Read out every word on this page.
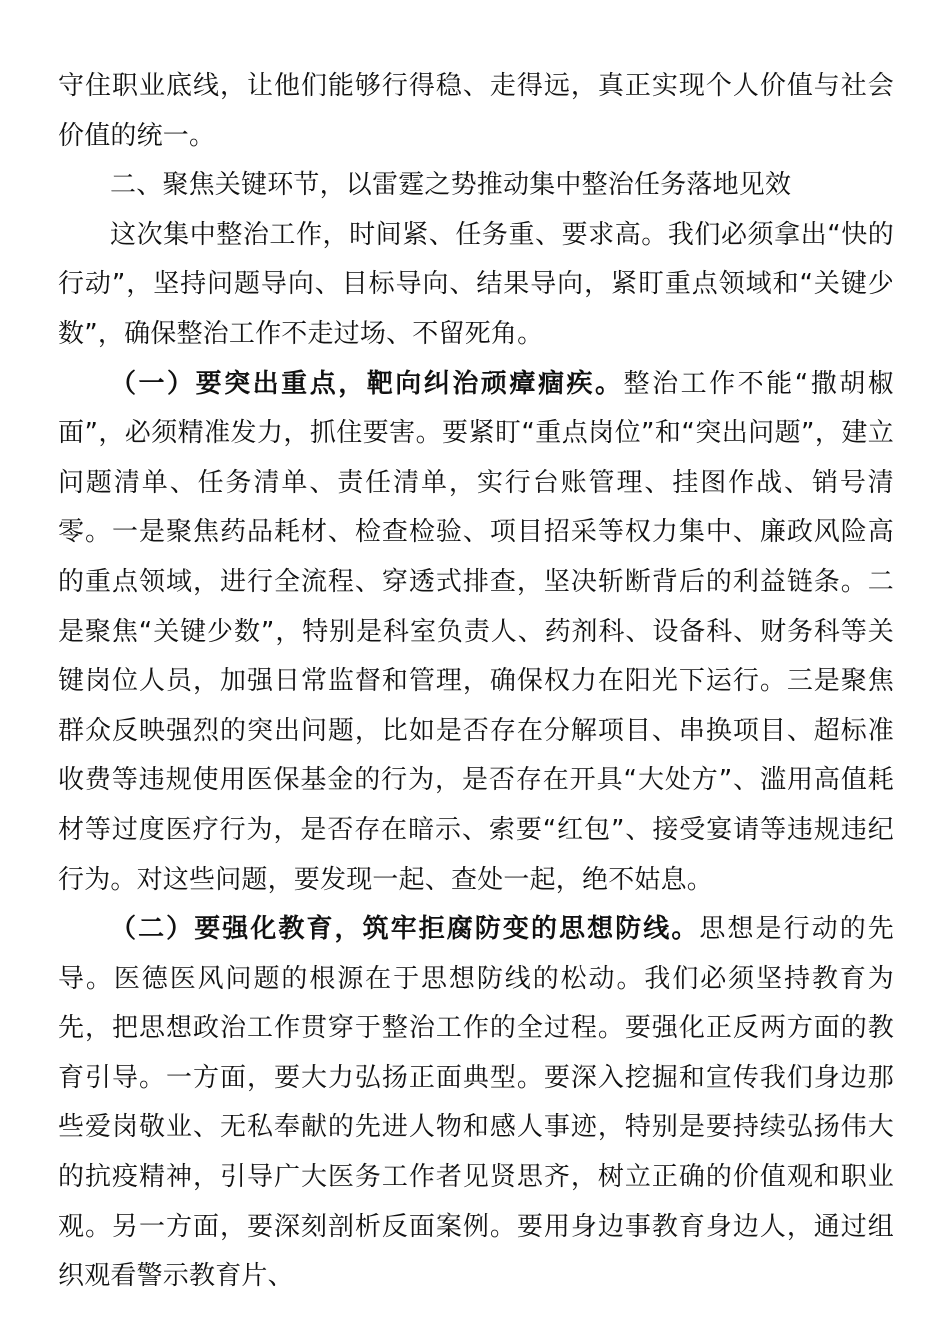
守住职业底线，让他们能够行得稳、走得远，真正实现个人价值与社会价值的统一。

二、聚焦关键环节，以雷霆之势推动集中整治任务落地见效

这次集中整治工作，时间紧、任务重、要求高。我们必须拿出“快的行动”，坚持问题导向、目标导向、结果导向，紧盯重点领域和“关键少数”，确保整治工作不走过场、不留死角。

（一）要突出重点，靶向纠治顽瘴痼疾。整治工作不能“撒胡椒面”，必须精准发力，抓住要害。要紧盯“重点岗位”和“突出问题”，建立问题清单、任务清单、责任清单，实行台账管理、挂图作战、销号清零。一是聚焦药品耗材、检查检验、项目招采等权力集中、廉政风险高的重点领域，进行全流程、穿透式排查，坚决斩断背后的利益链条。二是聚焦“关键少数”，特别是科室负责人、药剂科、设备科、财务科等关键岗位人员，加强日常监督和管理，确保权力在阳光下运行。三是聚焦群众反映强烈的突出问题，比如是否存在分解项目、串换项目、超标准收费等违规使用医保基金的行为，是否存在开具“大处方”、滥用高值耗材等过度医疗行为，是否存在暗示、索要“红包”、接受宴请等违规违纪行为。对这些问题，要发现一起、查处一起，绝不姑息。

（二）要强化教育，筑牢拒腐防变的思想防线。思想是行动的先导。医德医风问题的根源在于思想防线的松动。我们必须坚持教育为先，把思想政治工作贯穿于整治工作的全过程。要强化正反两方面的教育引导。一方面，要大力弘扬正面典型。要深入挖掘和宣传我们身边那些爱岗敬业、无私奉献的先进人物和感人事迹，特别是要持续弘扬伟大的抗疫精神，引导广大医务工作者见贤思齐，树立正确的价值观和职业观。另一方面，要深刻剖析反面案例。要用身边事教育身边人，通过组织观看警示教育片、
